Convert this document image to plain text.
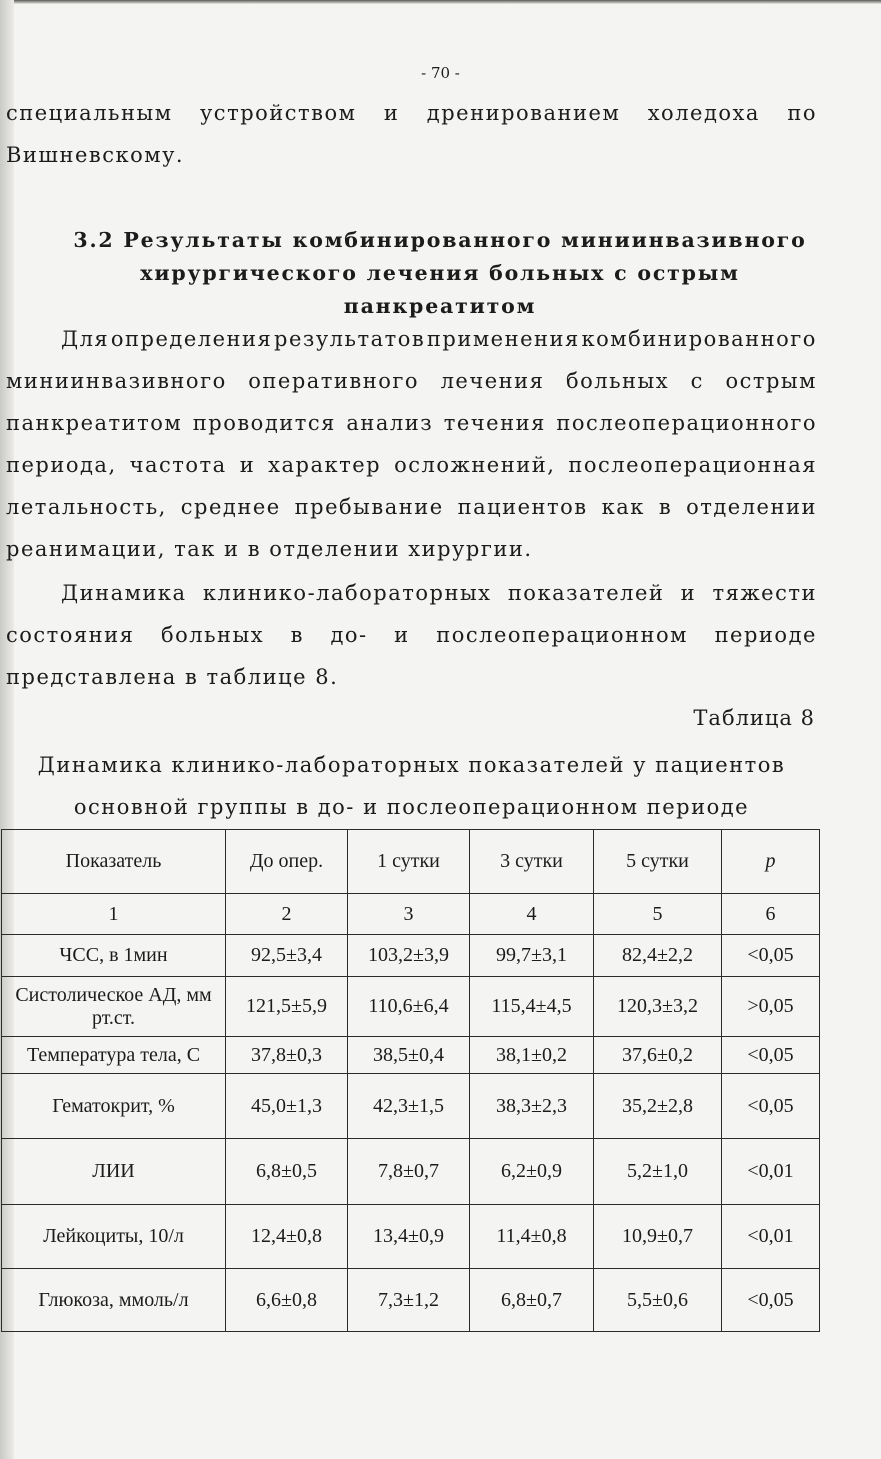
- 70 -
специальным устройством и дренированием холедоха по
Вишневскому.
3.2 Результаты комбинированного миниинвазивного
хирургического лечения больных с острым панкреатитом
Для определения результатов применения комбинированного
миниинвазивного оперативного лечения больных с острым
панкреатитом проводится анализ течения послеоперационного
периода, частота и характер осложнений, послеоперационная
летальность, среднее пребывание пациентов как в отделении
реанимации, так и в отделении хирургии.
Динамика клинико-лабораторных показателей и тяжести
состояния больных в до- и послеоперационном периоде
представлена в таблице 8.
Таблица 8
Динамика клинико-лабораторных показателей у пациентов
основной группы в до- и послеоперационном периоде
Показатель	До опер.	1 сутки	3 сутки	5 сутки	p
1	2	3	4	5	6
ЧСС, в 1мин	92,5±3,4	103,2±3,9	99,7±3,1	82,4±2,2	<0,05
Систолическое АД, мм рт.ст.	121,5±5,9	110,6±6,4	115,4±4,5	120,3±3,2	>0,05
Температура тела, С	37,8±0,3	38,5±0,4	38,1±0,2	37,6±0,2	<0,05
Гематокрит, %	45,0±1,3	42,3±1,5	38,3±2,3	35,2±2,8	<0,05
ЛИИ	6,8±0,5	7,8±0,7	6,2±0,9	5,2±1,0	<0,01
Лейкоциты, 10/л	12,4±0,8	13,4±0,9	11,4±0,8	10,9±0,7	<0,01
Глюкоза, ммоль/л	6,6±0,8	7,3±1,2	6,8±0,7	5,5±0,6	<0,05
